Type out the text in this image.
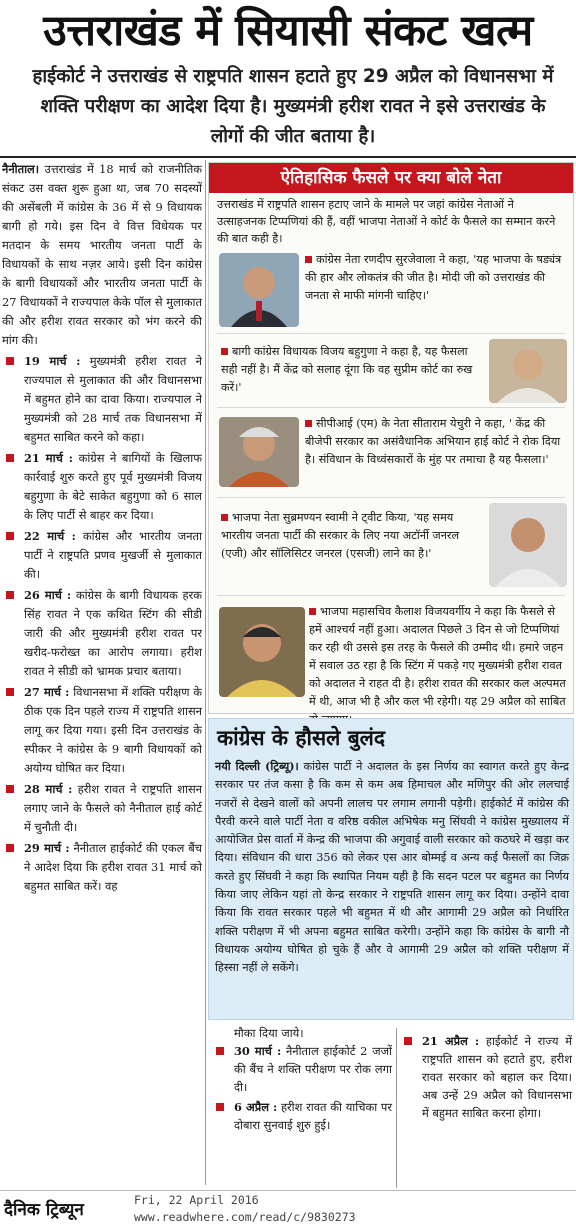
उत्तराखंड में सियासी संकट खत्म
हाईकोर्ट ने उत्तराखंड से राष्ट्रपति शासन हटाते हुए 29 अप्रैल को विधानसभा में शक्ति परीक्षण का आदेश दिया है। मुख्यमंत्री हरीश रावत ने इसे उत्तराखंड के लोगों की जीत बताया है।

नैनीताल। उत्तराखंड में 18 मार्च को राजनीतिक संकट उस वक्त शुरू हुआ था, जब 70 सदस्यों की असेंबली में कांग्रेस के 36 में से 9 विधायक बागी हो गये। इस दिन वे वित्त विधेयक पर मतदान के समय भारतीय जनता पार्टी के विधायकों के साथ नज़र आये। इसी दिन कांग्रेस के बागी विधायकों और भारतीय जनता पार्टी के 27 विधायकों ने राज्यपाल केके पॉल से मुलाकात की और हरीश रावत सरकार को भंग करने की मांग की।

19 मार्च : मुख्यमंत्री हरीश रावत ने राज्यपाल से मुलाकात की और विधानसभा में बहुमत होने का दावा किया। राज्यपाल ने मुख्यमंत्री को 28 मार्च तक विधानसभा में बहुमत साबित करने को कहा।
21 मार्च : कांग्रेस ने बागियों के खिलाफ कार्रवाई शुरु करते हुए पूर्व मुख्यमंत्री विजय बहुगुणा के बेटे साकेत बहुगुणा को 6 साल के लिए पार्टी से बाहर कर दिया।
22 मार्च : कांग्रेस और भारतीय जनता पार्टी ने राष्ट्रपति प्रणव मुखर्जी से मुलाकात की।
26 मार्च : कांग्रेस के बागी विधायक हरक सिंह रावत ने एक कथित स्टिंग की सीडी जारी की और मुख्यमंत्री हरीश रावत पर खरीद-फरोख्त का आरोप लगाया। हरीश रावत ने सीडी को भ्रामक प्रचार बताया।
27 मार्च : विधानसभा में शक्ति परीक्षण के ठीक एक दिन पहले राज्य में राष्ट्रपति शासन लागू कर दिया गया। इसी दिन उत्तराखंड के स्पीकर ने कांग्रेस के 9 बागी विधायकों को अयोग्य घोषित कर दिया।
28 मार्च : हरीश रावत ने राष्ट्रपति शासन लगाए जाने के फैसले को नैनीताल हाई कोर्ट में चुनौती दी।
29 मार्च : नैनीताल हाईकोर्ट की एकल बैंच ने आदेश दिया कि हरीश रावत 31 मार्च को बहुमत साबित करें। वह
ऐतिहासिक फैसले पर क्या बोले नेता
उत्तराखंड में राष्ट्रपति शासन हटाए जाने के मामले पर जहां कांग्रेस नेताओं ने उत्साहजनक टिप्पणियां की हैं, वहीं भाजपा नेताओं ने कोर्ट के फैसले का सम्मान करने की बात कही है।
कांग्रेस नेता रणदीप सुरजेवाला ने कहा, 'यह भाजपा के षड्यंत्र की हार और लोकतंत्र की जीत है। मोदी जी को उत्तराखंड की जनता से माफी मांगनी चाहिए।'
बागी कांग्रेस विधायक विजय बहुगुणा ने कहा है, यह फैसला सही नहीं है। मैं केंद्र को सलाह दूंगा कि वह सुप्रीम कोर्ट का रुख करें।'
सीपीआई (एम) के नेता सीताराम येचुरी ने कहा, ' केंद्र की बीजेपी सरकार का असंवैधानिक अभियान हाई कोर्ट ने रोक दिया है। संविधान के विध्वंसकारों के मुंह पर तमाचा है यह फैसला।'
भाजपा नेता सुब्रमण्यन स्वामी ने ट्वीट किया, 'यह समय भारतीय जनता पार्टी की सरकार के लिए नया अटॉर्नी जनरल (एजी) और सॉलिसिटर जनरल (एसजी) लाने का है।'
भाजपा महासचिव कैलाश विजयवर्गीय ने कहा कि फैसले से हमें आश्चर्य नहीं हुआ। अदालत पिछले 3 दिन से जो टिप्पणियां कर रही थी उससे इस तरह के फैसले की उम्मीद थी। हमारे जहन में सवाल उठ रहा है कि स्टिंग में पकड़े गए मुख्यमंत्री हरीश रावत को अदालत ने राहत दी है। हरीश रावत की सरकार कल अल्पमत में थी, आज भी है और कल भी रहेगी। यह 29 अप्रैल को साबित
कांग्रेस के हौसले बुलंद
नयी दिल्ली (ट्रिब्यू)। कांग्रेस पार्टी ने अदालत के इस निर्णय का स्वागत करते हुए केन्द्र सरकार पर तंज कसा है कि कम से कम अब हिमाचल और मणिपुर की ओर ललचाई नजरों से देखने वालों को अपनी लालच पर लगाम लगानी पड़ेगी। हाईकोर्ट में कांग्रेस की पैरवी करने वाले पार्टी नेता व वरिष्ठ वकील अभिषेक मनु सिंघवी ने कांग्रेस मुख्यालय में आयोजित प्रेस वार्ता में केन्द्र की भाजपा की अगुवाई वाली सरकार को कठघरे में खड़ा कर दिया। संविधान की धारा 356 को लेकर एस आर बोम्मई व अन्य कई फैसलों का जिक्र करते हुए सिंघवी ने कहा कि स्थापित नियम यही है कि सदन पटल पर बहुमत का निर्णय किया जाए लेकिन यहां तो केन्द्र सरकार ने राष्ट्रपति शासन लागू कर दिया। उन्होंने दावा किया कि रावत सरकार पहले भी बहुमत में थी और आगामी 29 अप्रैल को निर्धारित शक्ति परीक्षण में भी अपना बहुमत साबित करेगी। उन्होंने कहा कि कांग्रेस के बागी नौ विधायक अयोग्य घोषित हो चुके हैं और वे आगामी 29 अप्रैल को शक्ति परीक्षण में हिस्सा नहीं ले सकेंगे।

मौका दिया जाये।

30 मार्च : नैनीताल हाईकोर्ट 2 जजों की बैंच ने शक्ति परीक्षण पर रोक लगा दी।
6 अप्रैल : हरीश रावत की याचिका पर दोबारा सुनवाई शुरु हुई।
21 अप्रैल : हाईकोर्ट ने राज्य में राष्ट्रपति शासन को हटाते हुए, हरीश रावत सरकार को बहाल कर दिया। अब उन्हें 29 अप्रैल को विधानसभा में बहुमत साबित करना होगा।
दैनिक ट्रिब्यून	Fri, 22 April 2016
www.readwhere.com/read/c/9830273
